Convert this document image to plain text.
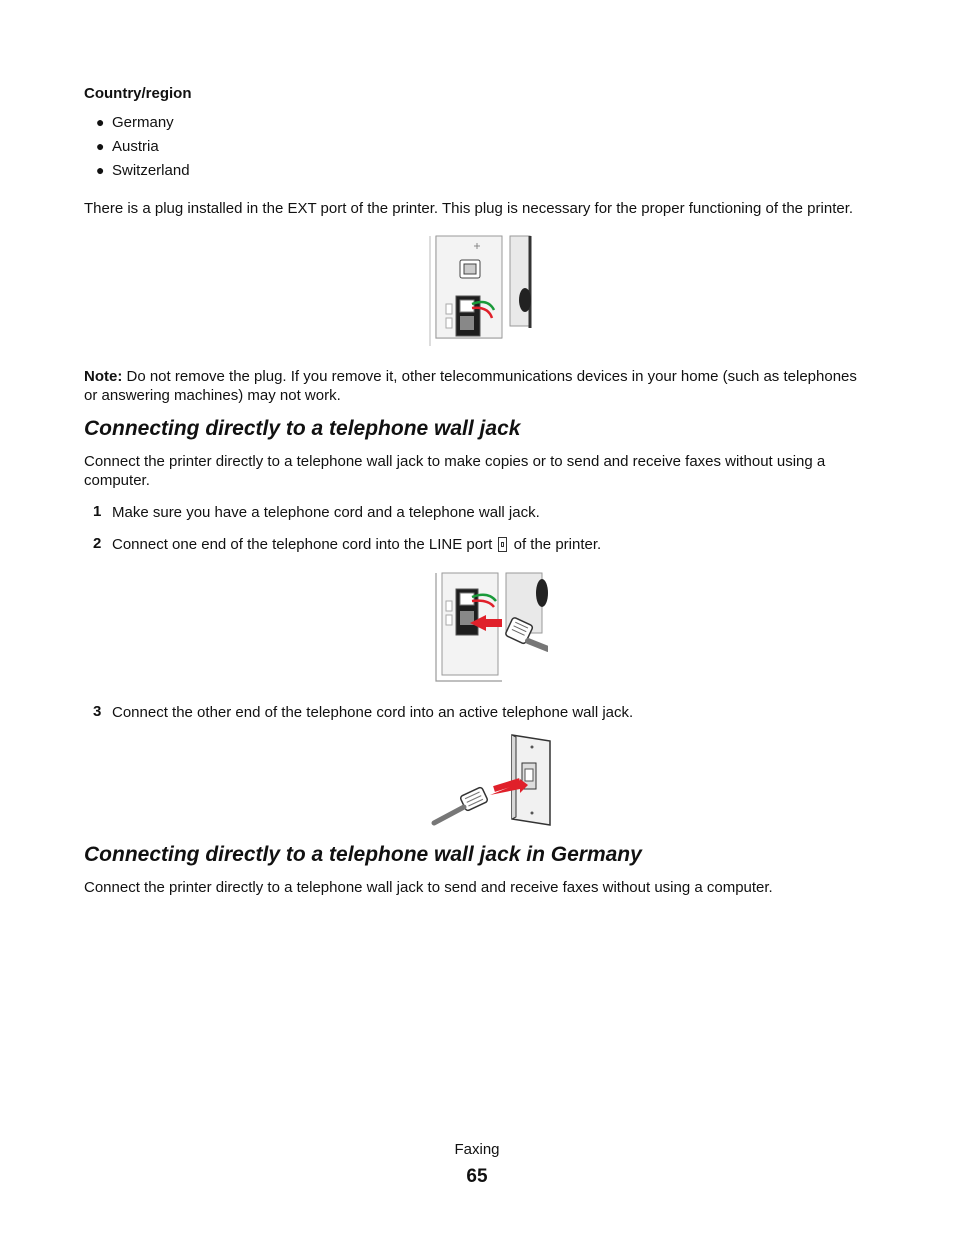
Country/region
● Germany
● Austria
● Switzerland
There is a plug installed in the EXT port of the printer. This plug is necessary for the proper functioning of the printer.
Note: Do not remove the plug. If you remove it, other telecommunications devices in your home (such as telephones
or answering machines) may not work.
Connecting directly to a telephone wall jack
Connect the printer directly to a telephone wall jack to make copies or to send and receive faxes without using a
computer.
1 Make sure you have a telephone cord and a telephone wall jack.
2 Connect one end of the telephone cord into the LINE port of the printer.
3 Connect the other end of the telephone cord into an active telephone wall jack.
Connecting directly to a telephone wall jack in Germany
Connect the printer directly to a telephone wall jack to send and receive faxes without using a computer.
Faxing
65
